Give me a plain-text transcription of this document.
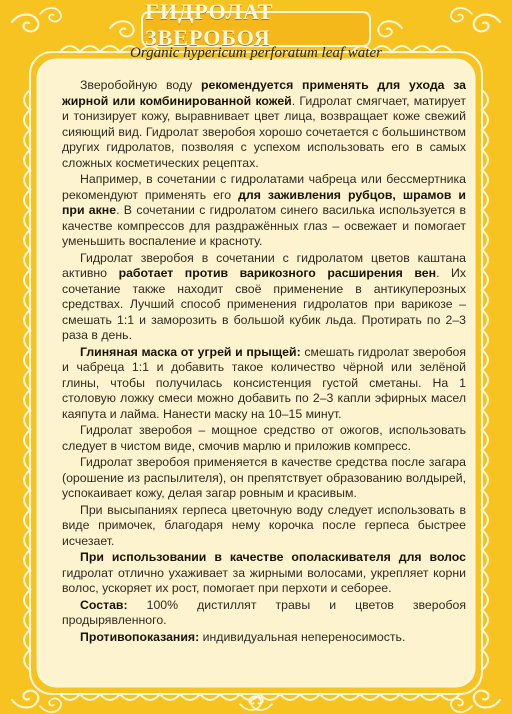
ГИДРОЛАТ ЗВЕРОБОЯ
Organic hypericum perforatum leaf water

Зверобойную воду рекомендуется применять для ухода за жирной или комбинированной кожей. Гидролат смягчает, матирует и тонизирует кожу, выравнивает цвет лица, возвращает коже свежий сияющий вид. Гидролат зверобоя хорошо сочетается с большинством других гидролатов, позволяя с успехом использовать его в самых сложных косметических рецептах.

Например, в сочетании с гидролатами чабреца или бессмертника рекомендуют применять его для заживления рубцов, шрамов и при акне. В сочетании с гидролатом синего василька используется в качестве компрессов для раздражённых глаз – освежает и помогает уменьшить воспаление и красноту.

Гидролат зверобоя в сочетании с гидролатом цветов каштана активно работает против варикозного расширения вен. Их сочетание также находит своё применение в антикуперозных средствах. Лучший способ применения гидролатов при варикозе – смешать 1:1 и заморозить в большой кубик льда. Протирать по 2–3 раза в день.

Глиняная маска от угрей и прыщей: смешать гидролат зверобоя и чабреца 1:1 и добавить такое количество чёрной или зелёной глины, чтобы получилась консистенция густой сметаны. На 1 столовую ложку смеси можно добавить по 2–3 капли эфирных масел каяпута и лайма. Нанести маску на 10–15 минут.

Гидролат зверобоя – мощное средство от ожогов, использовать следует в чистом виде, смочив марлю и приложив компресс.

Гидролат зверобоя применяется в качестве средства после загара (орошение из распылителя), он препятствует образованию волдырей, успокаивает кожу, делая загар ровным и красивым.

При высыпаниях герпеса цветочную воду следует использовать в виде примочек, благодаря нему корочка после герпеса быстрее исчезает.

При использовании в качестве ополаскивателя для волос гидролат отлично ухаживает за жирными волосами, укрепляет корни волос, ускоряет их рост, помогает при перхоти и себорее.

Состав: 100% дистиллят травы и цветов зверобоя продырявленного.

Противопоказания: индивидуальная непереносимость.
